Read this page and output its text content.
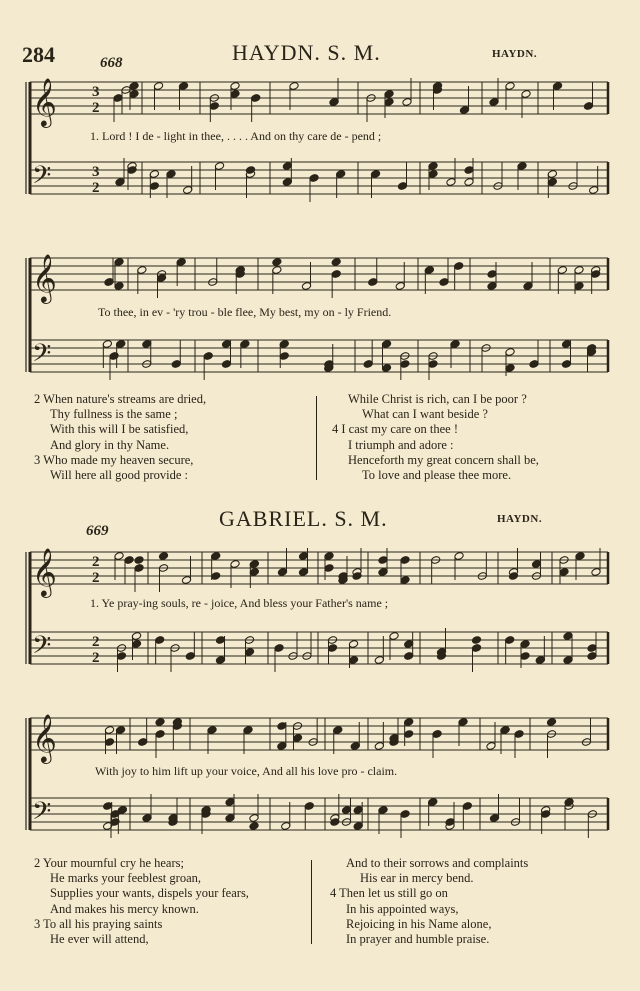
284	HAYDN. S. M.	HAYDN.
668
GABRIEL. S. M.	HAYDN.
669
𝄞
𝄢
3
2
3
2
𝄞
𝄢
𝄞
𝄢
2
2
2
2
𝄞
𝄢
1. Lord ! I de - light in thee, . . . . And on thy care de - pend ;
To thee, in ev - 'ry trou - ble flee, My best, my on - ly Friend.
1. Ye pray-ing souls, re - joice, And bless your Father's name ;
With joy to him lift up your voice, And all his love pro - claim.
2 When nature's streams are dried,
Thy fullness is the same ;
With this will I be satisfied,
And glory in thy Name.
3 Who made my heaven secure,
Will here all good provide :
While Christ is rich, can I be poor ?
What can I want beside ?
4 I cast my care on thee !
I triumph and adore :
Henceforth my great concern shall be,
To love and please thee more.
2 Your mournful cry he hears;
He marks your feeblest groan,
Supplies your wants, dispels your fears,
And makes his mercy known.
3 To all his praying saints
He ever will attend,
And to their sorrows and complaints
His ear in mercy bend.
4 Then let us still go on
In his appointed ways,
Rejoicing in his Name alone,
In prayer and humble praise.
